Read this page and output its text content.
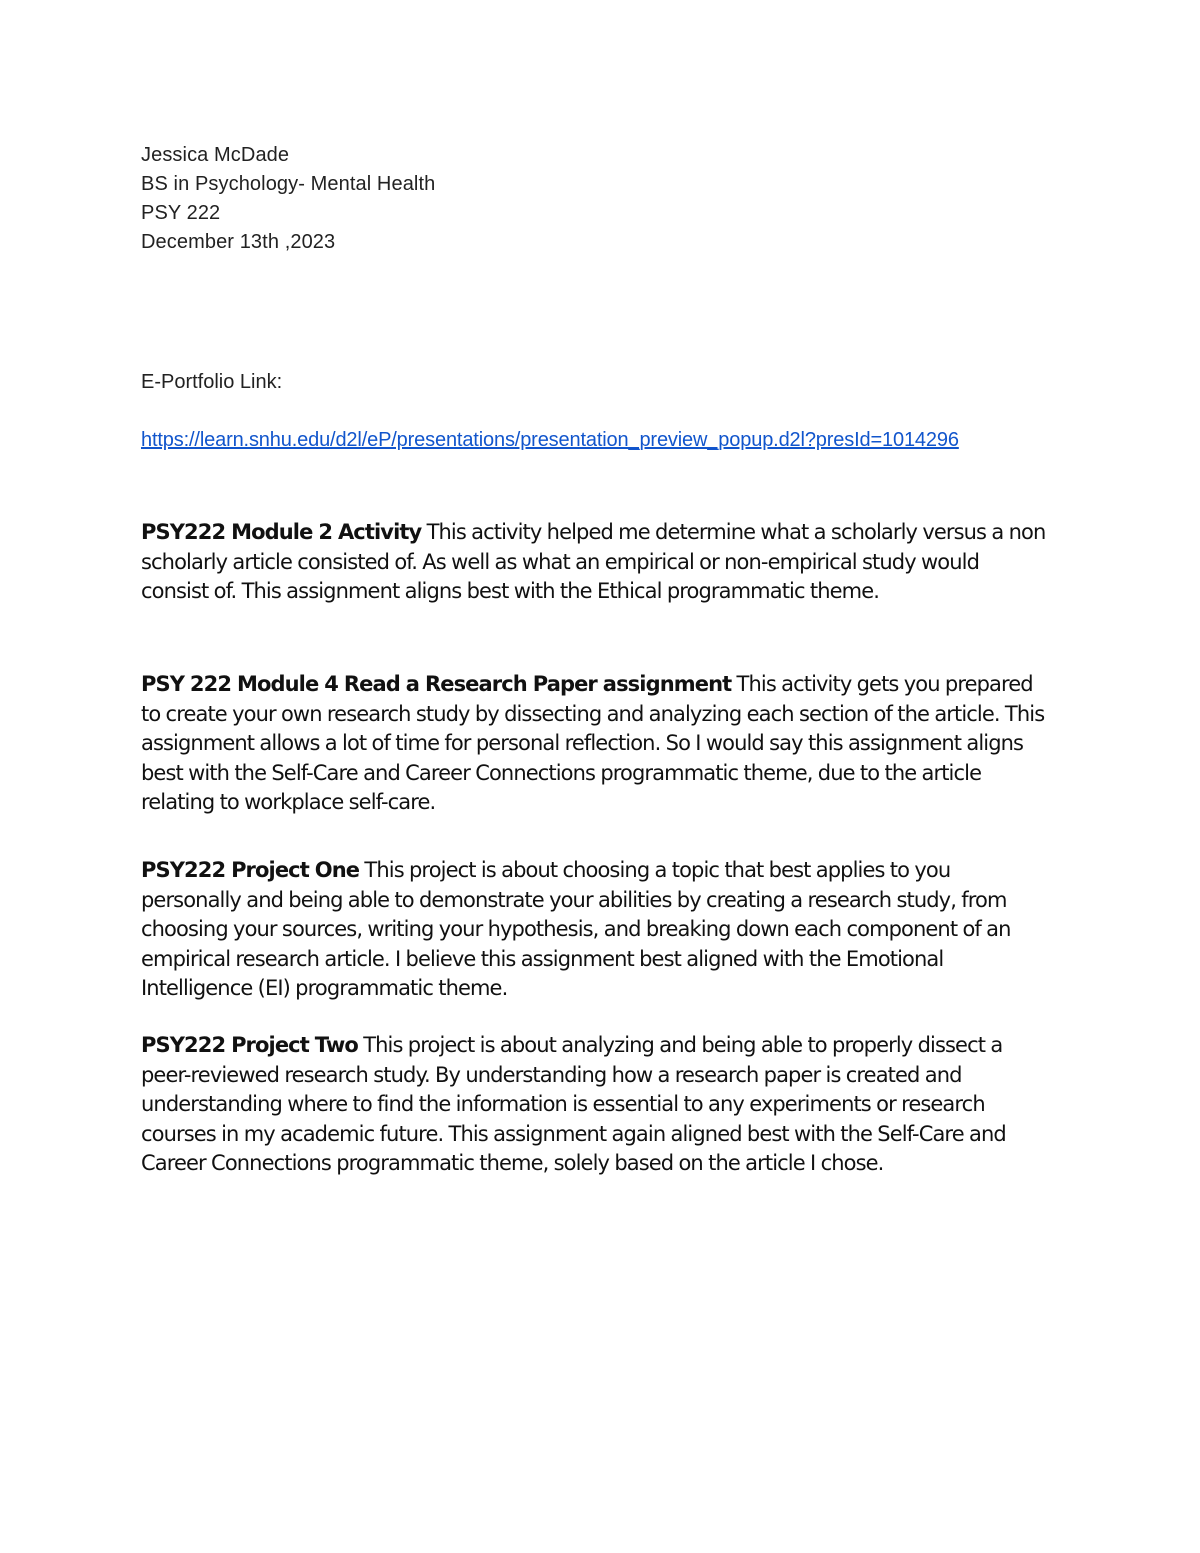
Jessica McDade
BS in Psychology- Mental Health
PSY 222
December 13th ,2023
E-Portfolio Link:
https://learn.snhu.edu/d2l/eP/presentations/presentation_preview_popup.d2l?presId=1014296

PSY222 Module 2 Activity This activity helped me determine what a scholarly versus a non scholarly article consisted of. As well as what an empirical or non-empirical study would consist of. This assignment aligns best with the Ethical programmatic theme.

PSY 222 Module 4 Read a Research Paper assignment This activity gets you prepared to create your own research study by dissecting and analyzing each section of the article. This assignment allows a lot of time for personal reflection. So I would say this assignment aligns best with the Self-Care and Career Connections programmatic theme, due to the article relating to workplace self-care.

PSY222 Project One This project is about choosing a topic that best applies to you personally and being able to demonstrate your abilities by creating a research study, from choosing your sources, writing your hypothesis, and breaking down each component of an empirical research article. I believe this assignment best aligned with the Emotional Intelligence (EI) programmatic theme.

PSY222 Project Two This project is about analyzing and being able to properly dissect a peer-reviewed research study. By understanding how a research paper is created and understanding where to find the information is essential to any experiments or research courses in my academic future. This assignment again aligned best with the Self-Care and Career Connections programmatic theme, solely based on the article I chose.
